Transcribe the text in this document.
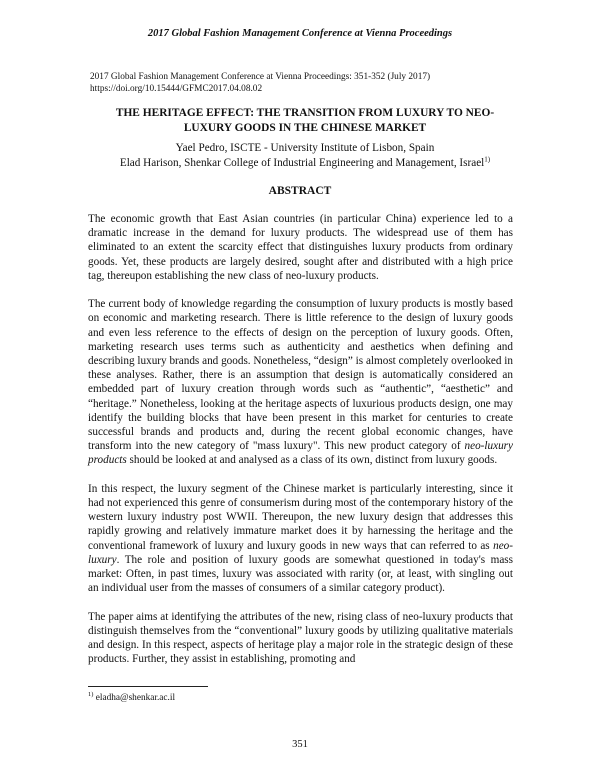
2017 Global Fashion Management Conference at Vienna Proceedings
2017 Global Fashion Management Conference at Vienna Proceedings: 351-352 (July 2017)
https://doi.org/10.15444/GFMC2017.04.08.02
THE HERITAGE EFFECT: THE TRANSITION FROM LUXURY TO NEO-LUXURY GOODS IN THE CHINESE MARKET
Yael Pedro, ISCTE - University Institute of Lisbon, Spain
Elad Harison, Shenkar College of Industrial Engineering and Management, Israel$^{1)}$
ABSTRACT

The economic growth that East Asian countries (in particular China) experience led to a dramatic increase in the demand for luxury products. The widespread use of them has eliminated to an extent the scarcity effect that distinguishes luxury products from ordinary goods. Yet, these products are largely desired, sought after and distributed with a high price tag, thereupon establishing the new class of neo-luxury products.

The current body of knowledge regarding the consumption of luxury products is mostly based on economic and marketing research. There is little reference to the design of luxury goods and even less reference to the effects of design on the perception of luxury goods. Often, marketing research uses terms such as authenticity and aesthetics when defining and describing luxury brands and goods. Nonetheless, “design” is almost completely overlooked in these analyses. Rather, there is an assumption that design is automatically considered an embedded part of luxury creation through words such as “authentic”, “aesthetic” and “heritage.” Nonetheless, looking at the heritage aspects of luxurious products design, one may identify the building blocks that have been present in this market for centuries to create successful brands and products and, during the recent global economic changes, have transform into the new category of "mass luxury". This new product category of neo-luxury products should be looked at and analysed as a class of its own, distinct from luxury goods.

In this respect, the luxury segment of the Chinese market is particularly interesting, since it had not experienced this genre of consumerism during most of the contemporary history of the western luxury industry post WWII. Thereupon, the new luxury design that addresses this rapidly growing and relatively immature market does it by harnessing the heritage and the conventional framework of luxury and luxury goods in new ways that can referred to as neo-luxury. The role and position of luxury goods are somewhat questioned in today's mass market: Often, in past times, luxury was associated with rarity (or, at least, with singling out an individual user from the masses of consumers of a similar category product).

The paper aims at identifying the attributes of the new, rising class of neo-luxury products that distinguish themselves from the “conventional” luxury goods by utilizing qualitative materials and design. In this respect, aspects of heritage play a major role in the strategic design of these products. Further, they assist in establishing, promoting and

$^{1)}$ eladha@shenkar.ac.il
351
